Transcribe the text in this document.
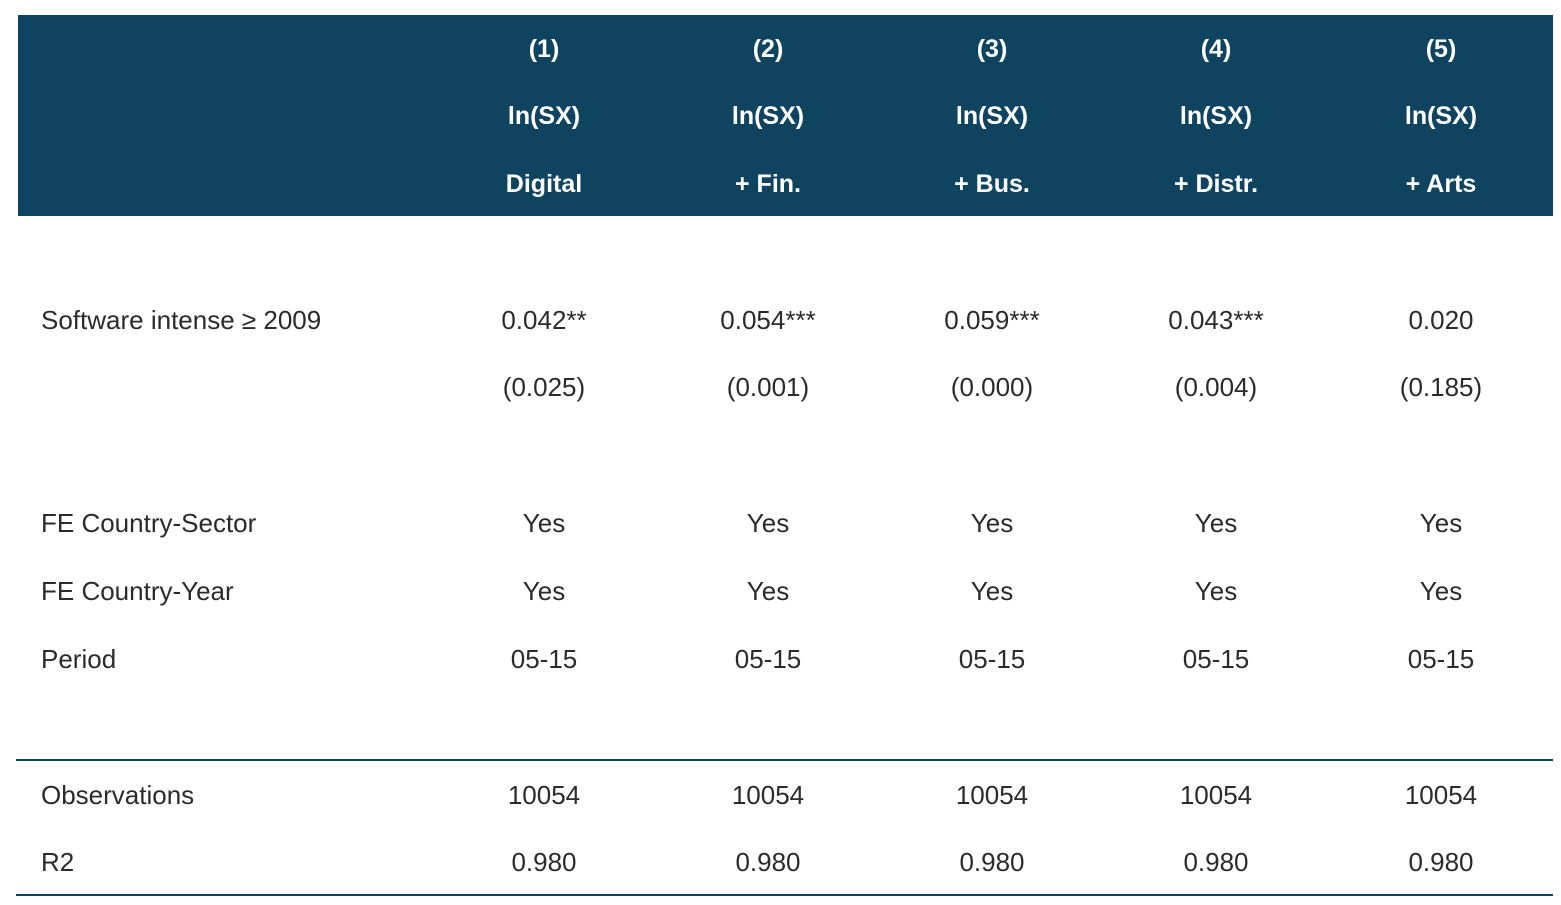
(1)	(2)	(3)	(4)	(5)
ln(SX)	ln(SX)	ln(SX)	ln(SX)	ln(SX)
Digital	+ Fin.	+ Bus.	+ Distr.	+ Arts
Software intense ≥ 2009	0.042**	0.054***	0.059***	0.043***	0.020
(0.025)	(0.001)	(0.000)	(0.004)	(0.185)
FE Country-Sector	Yes	Yes	Yes	Yes	Yes
FE Country-Year	Yes	Yes	Yes	Yes	Yes
Period	05-15	05-15	05-15	05-15	05-15
Observations	10054	10054	10054	10054	10054
R2	0.980	0.980	0.980	0.980	0.980
